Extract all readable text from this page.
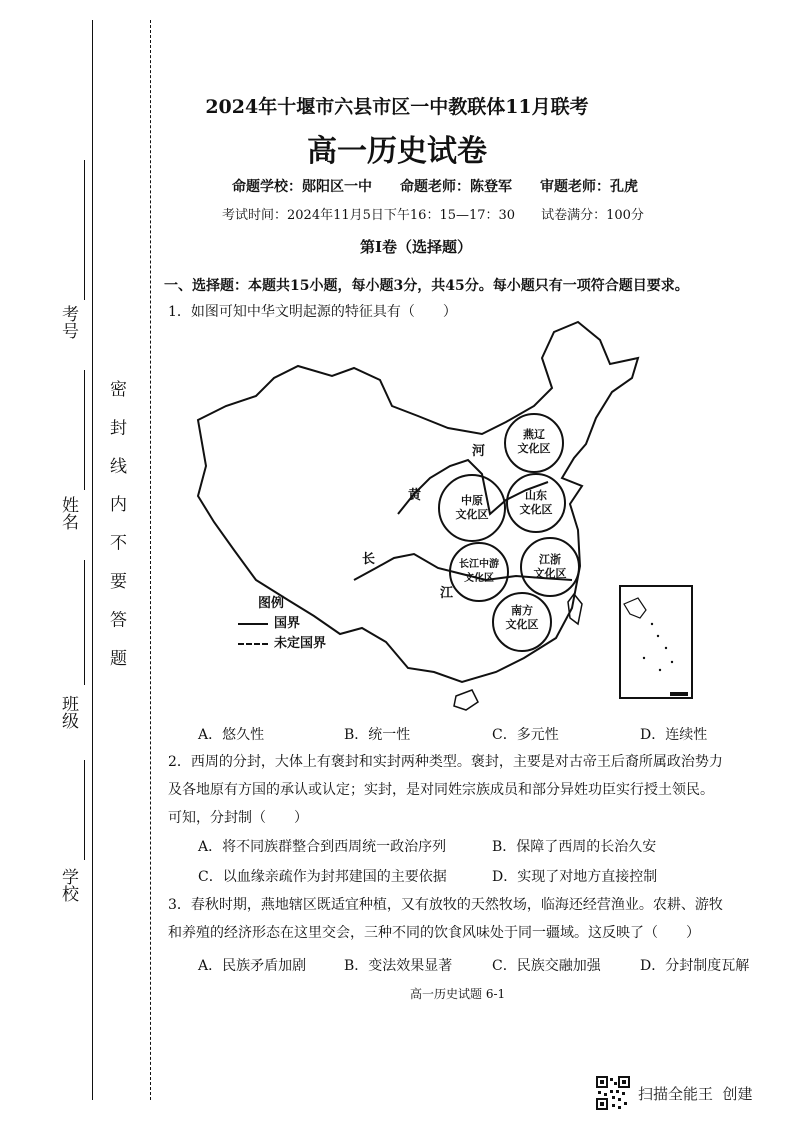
学校
班级
姓名
考号
密 封 线 内 不 要 答 题
2024年十堰市六县市区一中教联体11月联考
高一历史试卷
命题学校：郧阳区一中　　命题老师：陈登军　　审题老师：孔虎
考试时间：2024年11月5日下午16：15—17：30　　试卷满分：100分
第Ⅰ卷（选择题）
一、选择题：本题共15小题，每小题3分，共45分。每小题只有一项符合题目要求。
1．如图可知中华文明起源的特征具有（　　）
燕辽
文化区
山东
文化区
中原
文化区
长江中游
文化区
江浙
文化区
南方
文化区
河
黄
长
江
图例
国界
未定国界
A．悠久性	B．统一性	C．多元性	D．连续性
2．西周的分封，大体上有褒封和实封两种类型。褒封，主要是对古帝王后裔所属政治势力
及各地原有方国的承认或认定；实封，是对同姓宗族成员和部分异姓功臣实行授土领民。
可知，分封制（　　）
A．将不同族群整合到西周统一政治序列	B．保障了西周的长治久安
C．以血缘亲疏作为封邦建国的主要依据	D．实现了对地方直接控制
3．春秋时期，燕地辖区既适宜种植，又有放牧的天然牧场，临海还经营渔业。农耕、游牧
和养殖的经济形态在这里交会，三种不同的饮食风味处于同一疆域。这反映了（　　）
A．民族矛盾加剧	B．变法效果显著	C．民族交融加强	D．分封制度瓦解
高一历史试题 6-1
扫描全能王  创建
